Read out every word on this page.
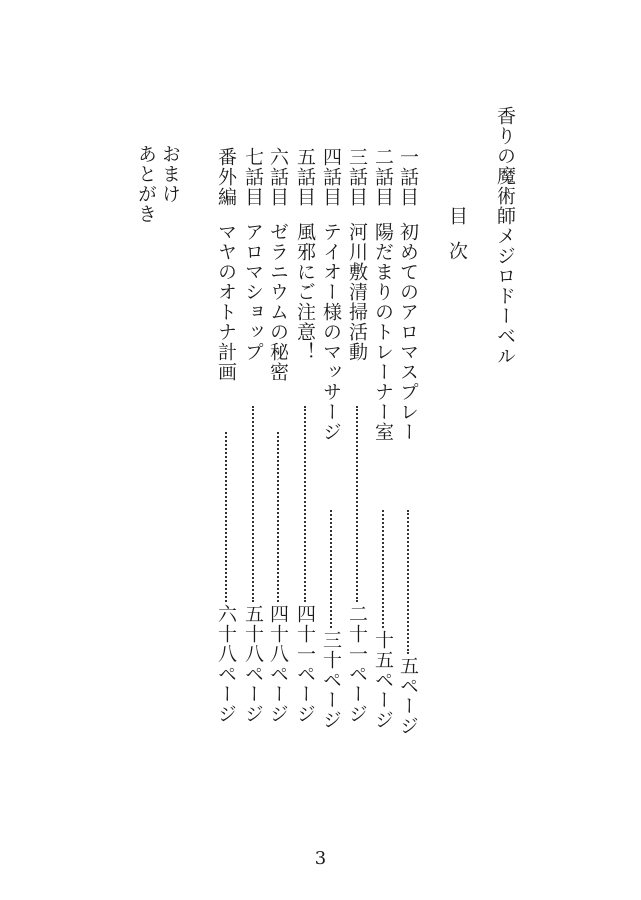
香りの魔術師メジロドーベル
目次
一話目
初めてのアロマスプレー
五ページ
二話目
陽だまりのトレーナー室
十五ページ
三話目
河川敷清掃活動
二十一ページ
四話目
テイオー様のマッサージ
三十ページ
五話目
風邪にご注意！
四十一ページ
六話目
ゼラニウムの秘密
四十八ページ
七話目
アロマショップ
五十八ページ
番外編
マヤのオトナ計画
六十八ページ
おまけ
あとがき
3
